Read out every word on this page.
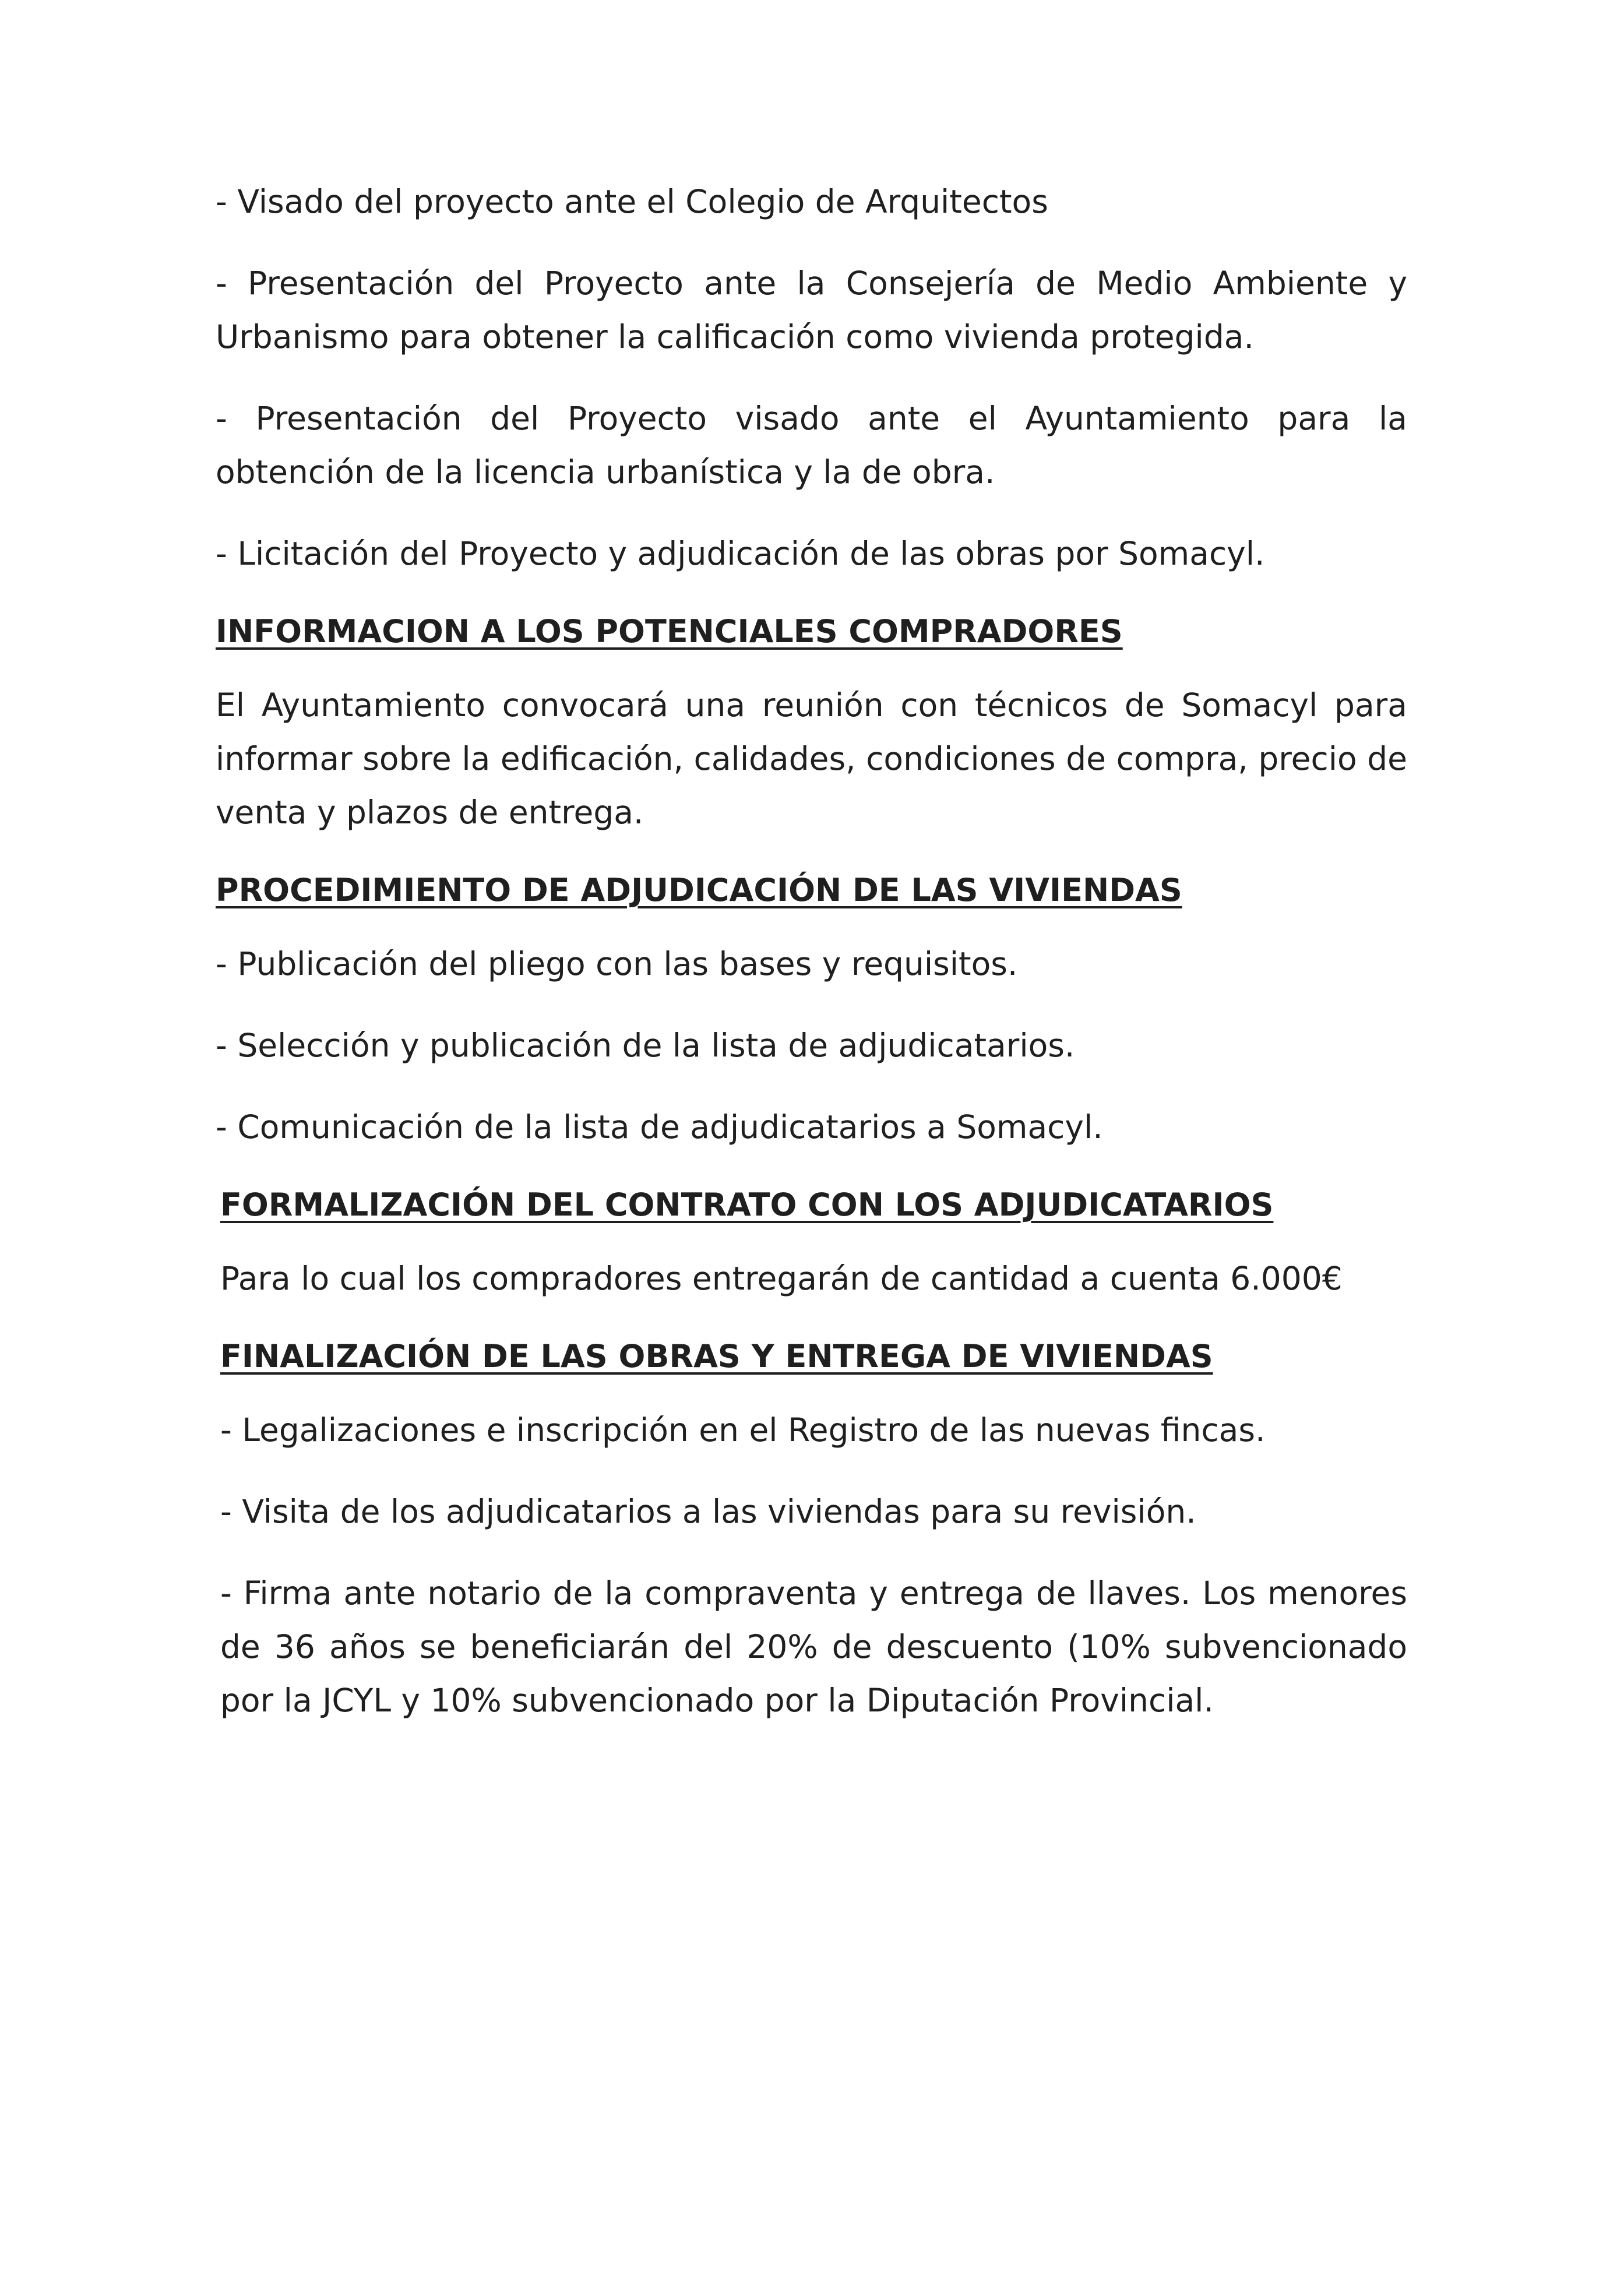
- Visado del proyecto ante el Colegio de Arquitectos

- Presentación del Proyecto ante la Consejería de Medio Ambiente y Urbanismo para obtener la calificación como vivienda protegida.

- Presentación del Proyecto visado ante el Ayuntamiento para la obtención de la licencia urbanística y la de obra.

- Licitación del Proyecto y adjudicación de las obras por Somacyl.

INFORMACION A LOS POTENCIALES COMPRADORES

El Ayuntamiento convocará una reunión con técnicos de Somacyl para informar sobre la edificación, calidades, condiciones de compra, precio de venta y plazos de entrega.

PROCEDIMIENTO DE ADJUDICACIÓN DE LAS VIVIENDAS

- Publicación del pliego con las bases y requisitos.

- Selección y publicación de la lista de adjudicatarios.

- Comunicación de la lista de adjudicatarios a Somacyl.

FORMALIZACIÓN DEL CONTRATO CON LOS ADJUDICATARIOS

Para lo cual los compradores entregarán de cantidad a cuenta 6.000€

FINALIZACIÓN DE LAS OBRAS Y ENTREGA DE VIVIENDAS

- Legalizaciones e inscripción en el Registro de las nuevas fincas.

- Visita de los adjudicatarios a las viviendas para su revisión.

- Firma ante notario de la compraventa y entrega de llaves. Los menores de 36 años se beneficiarán del 20% de descuento (10% subvencionado por la JCYL y 10% subvencionado por la Diputación Provincial.
